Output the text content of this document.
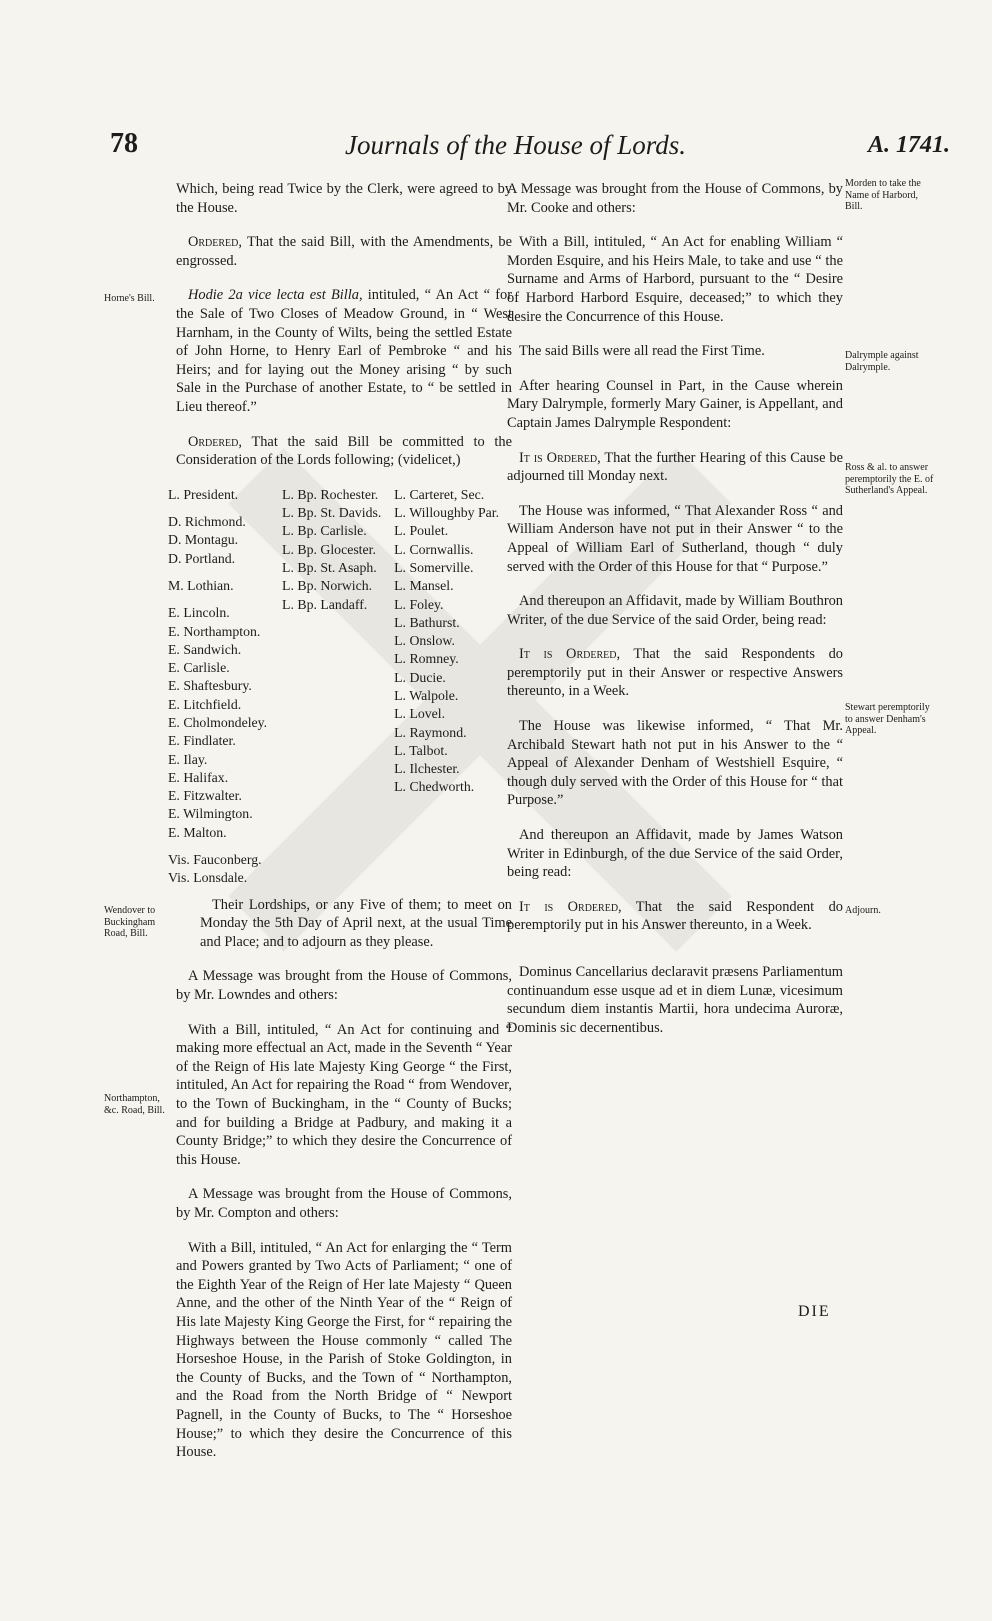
78	Journals of the House of Lords.	A. 1741.

Which, being read Twice by the Clerk, were agreed to by the House.

Ordered, That the said Bill, with the Amendments, be engrossed.

Hodie 2a vice lecta est Billa, intituled, “ An Act “ for the Sale of Two Closes of Meadow Ground, in “ West Harnham, in the County of Wilts, being the settled Estate of John Horne, to Henry Earl of Pembroke “ and his Heirs; and for laying out the Money arising “ by such Sale in the Purchase of another Estate, to “ be settled in Lieu thereof.”

Ordered, That the said Bill be committed to the Consideration of the Lords following; (videlicet,)

L. President.
D. Richmond.
D. Montagu.
D. Portland.
M. Lothian.
E. Lincoln.
E. Northampton.
E. Sandwich.
E. Carlisle.
E. Shaftesbury.
E. Litchfield.
E. Cholmondeley.
E. Findlater.
E. Ilay.
E. Halifax.
E. Fitzwalter.
E. Wilmington.
E. Malton.
Vis. Fauconberg.
Vis. Lonsdale.
L. Bp. Rochester.
L. Bp. St. Davids.
L. Bp. Carlisle.
L. Bp. Glocester.
L. Bp. St. Asaph.
L. Bp. Norwich.
L. Bp. Landaff.
L. Carteret, Sec.
L. Willoughby Par.
L. Poulet.
L. Cornwallis.
L. Somerville.
L. Mansel.
L. Foley.
L. Bathurst.
L. Onslow.
L. Romney.
L. Ducie.
L. Walpole.
L. Lovel.
L. Raymond.
L. Talbot.
L. Ilchester.
L. Chedworth.

Their Lordships, or any Five of them; to meet on Monday the 5th Day of April next, at the usual Time and Place; and to adjourn as they please.

A Message was brought from the House of Commons, by Mr. Lowndes and others:

With a Bill, intituled, “ An Act for continuing and “ making more effectual an Act, made in the Seventh “ Year of the Reign of His late Majesty King George “ the First, intituled, An Act for repairing the Road “ from Wendover, to the Town of Buckingham, in the “ County of Bucks; and for building a Bridge at Padbury, and making it a County Bridge;” to which they desire the Concurrence of this House.

A Message was brought from the House of Commons, by Mr. Compton and others:

With a Bill, intituled, “ An Act for enlarging the “ Term and Powers granted by Two Acts of Parliament; “ one of the Eighth Year of the Reign of Her late Majesty “ Queen Anne, and the other of the Ninth Year of the “ Reign of His late Majesty King George the First, for “ repairing the Highways between the House commonly “ called The Horseshoe House, in the Parish of Stoke Goldington, in the County of Bucks, and the Town of “ Northampton, and the Road from the North Bridge of “ Newport Pagnell, in the County of Bucks, to The “ Horseshoe House;” to which they desire the Concurrence of this House.

Horne's Bill.
Wendover to Buckingham Road, Bill.
Northampton, &c. Road, Bill.

A Message was brought from the House of Commons, by Mr. Cooke and others:

With a Bill, intituled, “ An Act for enabling William “ Morden Esquire, and his Heirs Male, to take and use “ the Surname and Arms of Harbord, pursuant to the “ Desire of Harbord Harbord Esquire, deceased;” to which they desire the Concurrence of this House.

The said Bills were all read the First Time.

After hearing Counsel in Part, in the Cause wherein Mary Dalrymple, formerly Mary Gainer, is Appellant, and Captain James Dalrymple Respondent:

It is Ordered, That the further Hearing of this Cause be adjourned till Monday next.

The House was informed, “ That Alexander Ross “ and William Anderson have not put in their Answer “ to the Appeal of William Earl of Sutherland, though “ duly served with the Order of this House for that “ Purpose.”

And thereupon an Affidavit, made by William Bouthron Writer, of the due Service of the said Order, being read:

It is Ordered, That the said Respondents do peremptorily put in their Answer or respective Answers thereunto, in a Week.

The House was likewise informed, “ That Mr. Archibald Stewart hath not put in his Answer to the “ Appeal of Alexander Denham of Westshiell Esquire, “ though duly served with the Order of this House for “ that Purpose.”

And thereupon an Affidavit, made by James Watson Writer in Edinburgh, of the due Service of the said Order, being read:

It is Ordered, That the said Respondent do peremptorily put in his Answer thereunto, in a Week.

Dominus Cancellarius declaravit præsens Parliamentum continuandum esse usque ad et in diem Lunæ, vicesimum secundum diem instantis Martii, hora undecima Auroræ, Dominis sic decernentibus.

Morden to take the Name of Harbord, Bill.
Dalrymple against Dalrymple.
Ross & al. to answer peremptorily the E. of Sutherland's Appeal.
Stewart peremptorily to answer Denham's Appeal.
Adjourn.
DIE
